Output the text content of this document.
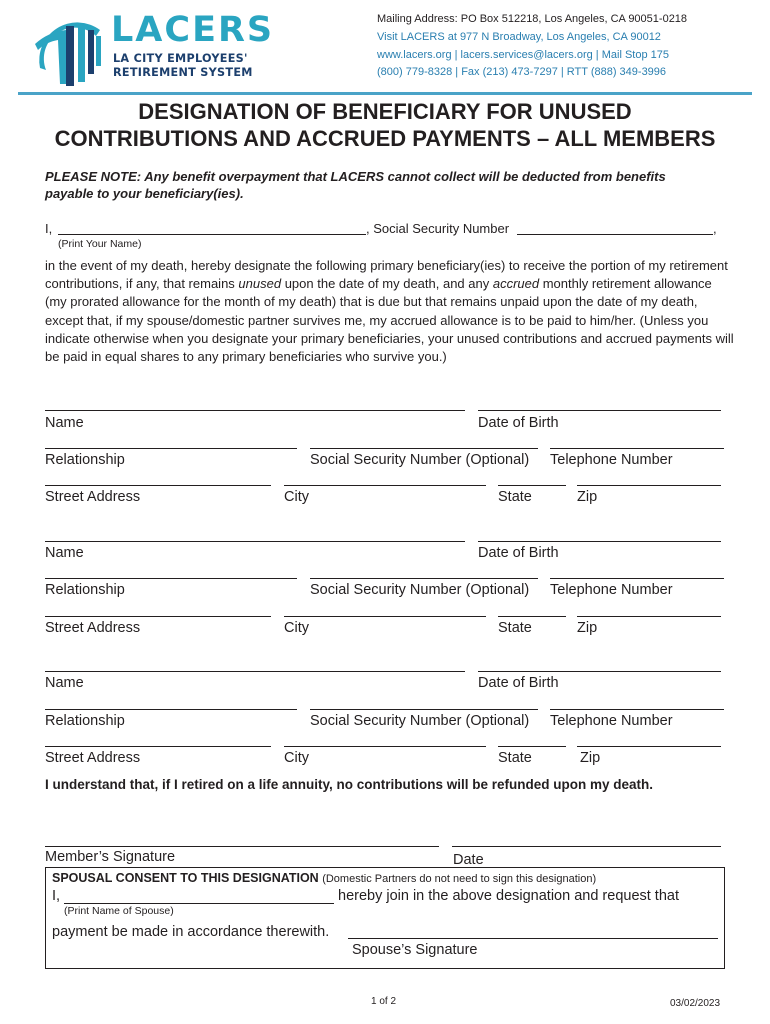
LACERS
LA CITY EMPLOYEES'
RETIREMENT SYSTEM
Mailing Address: PO Box 512218, Los Angeles, CA 90051-0218
Visit LACERS at 977 N Broadway, Los Angeles, CA 90012
www.lacers.org | lacers.services@lacers.org | Mail Stop 175
(800) 779-8328 | Fax (213) 473-7297 | RTT (888) 349-3996
DESIGNATION OF BENEFICIARY FOR UNUSED
CONTRIBUTIONS AND ACCRUED PAYMENTS – ALL MEMBERS
PLEASE NOTE: Any benefit overpayment that LACERS cannot collect will be deducted from benefits
payable to your beneficiary(ies).
I,	, Social Security Number	,
(Print Your Name)
in the event of my death, hereby designate the following primary beneficiary(ies) to receive the portion of my retirement contributions, if any, that remains unused upon the date of my death, and any accrued monthly retirement allowance (my prorated allowance for the month of my death) that is due but that remains unpaid upon the date of my death, except that, if my spouse/domestic partner survives me, my accrued allowance is to be paid to him/her. (Unless you indicate otherwise when you designate your primary beneficiaries, your unused contributions and accrued payments will be paid in equal shares to any primary beneficiaries who survive you.)
Name	Date of Birth
Relationship	Social Security Number (Optional) Telephone Number
Street Address	City	State	Zip
Name	Date of Birth
Relationship	Social Security Number (Optional) Telephone Number
Street Address	City	State	Zip
Name	Date of Birth
Relationship	Social Security Number (Optional) Telephone Number
Street Address	City	State	Zip
I understand that, if I retired on a life annuity, no contributions will be refunded upon my death.
Member’s Signature	Date
SPOUSAL CONSENT TO THIS DESIGNATION (Domestic Partners do not need to sign this designation)
I,	hereby join in the above designation and request that
(Print Name of Spouse)
payment be made in accordance therewith.
Spouse’s Signature
1 of 2	03/02/2023
